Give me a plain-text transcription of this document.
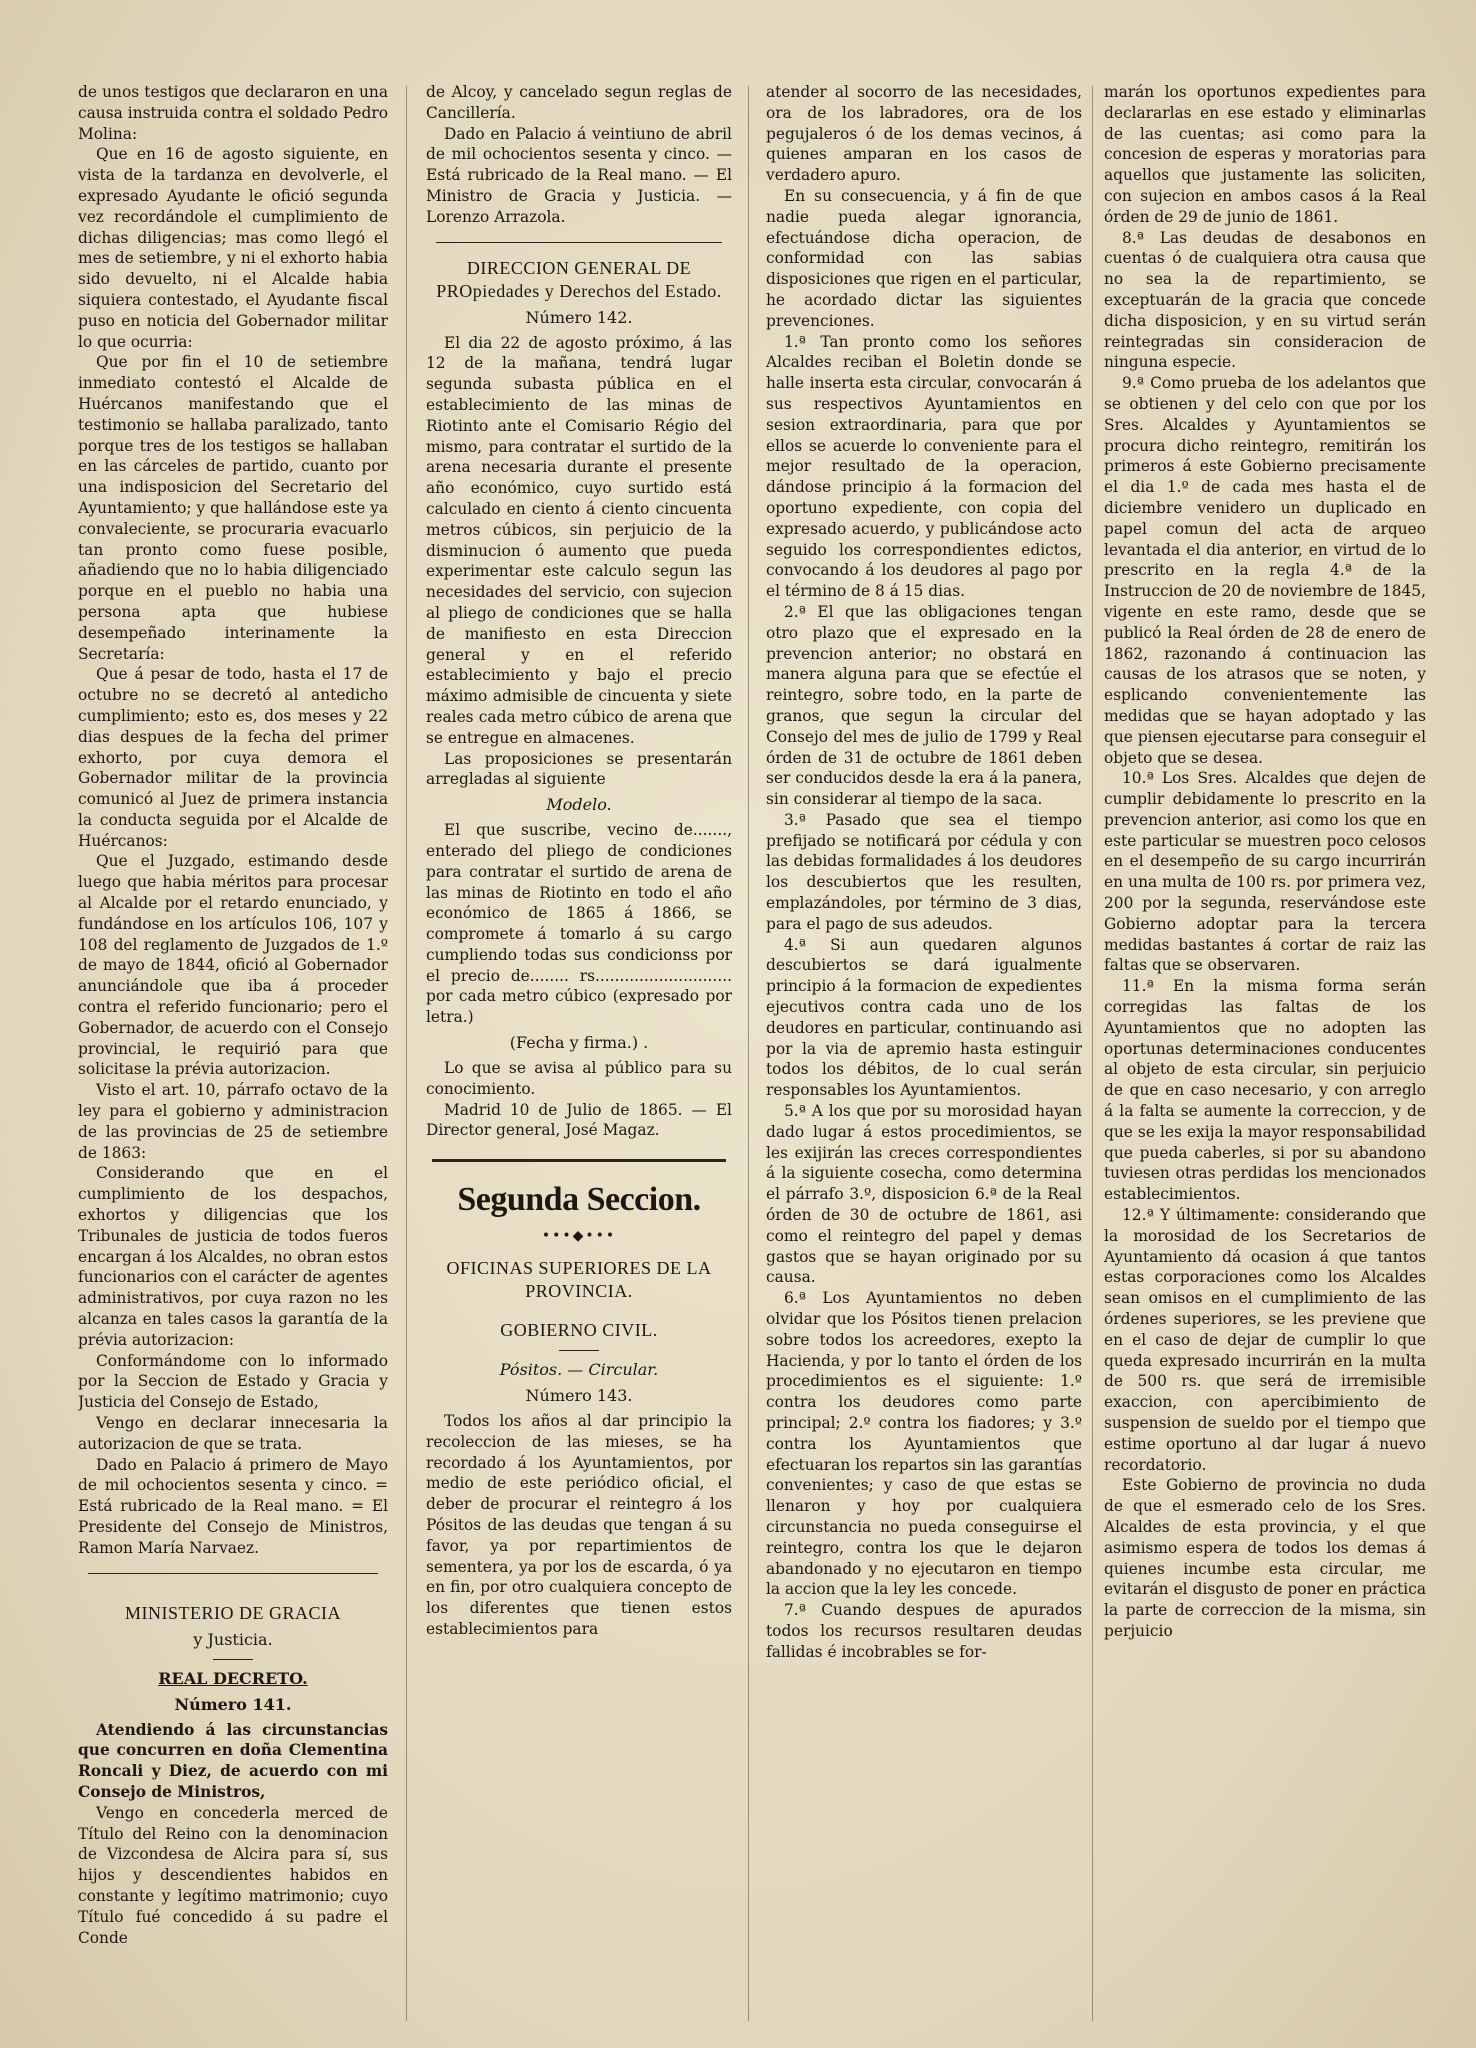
de unos testigos que declararon en una causa instruida contra el soldado Pedro Molina:

Que en 16 de agosto siguiente, en vista de la tardanza en devolverle, el expresado Ayudante le ofició segunda vez recordándole el cumplimiento de dichas diligencias; mas como llegó el mes de setiembre, y ni el exhorto habia sido devuelto, ni el Alcalde habia siquiera contestado, el Ayudante fiscal puso en noticia del Gobernador militar lo que ocurria:

Que por fin el 10 de setiembre inmediato contestó el Alcalde de Huércanos manifestando que el testimonio se hallaba paralizado, tanto porque tres de los testigos se hallaban en las cárceles de partido, cuanto por una indisposicion del Secretario del Ayuntamiento; y que hallándose este ya convaleciente, se procuraria evacuarlo tan pronto como fuese posible, añadiendo que no lo habia diligenciado porque en el pueblo no habia una persona apta que hubiese desempeñado interinamente la Secretaría:

Que á pesar de todo, hasta el 17 de octubre no se decretó al antedicho cumplimiento; esto es, dos meses y 22 dias despues de la fecha del primer exhorto, por cuya demora el Gobernador militar de la provincia comunicó al Juez de primera instancia la conducta seguida por el Alcalde de Huércanos:

Que el Juzgado, estimando desde luego que habia méritos para procesar al Alcalde por el retardo enunciado, y fundándose en los artículos 106, 107 y 108 del reglamento de Juzgados de 1.º de mayo de 1844, ofició al Gobernador anunciándole que iba á proceder contra el referido funcionario; pero el Gobernador, de acuerdo con el Consejo provincial, le requirió para que solicitase la prévia autorizacion.

Visto el art. 10, párrafo octavo de la ley para el gobierno y administracion de las provincias de 25 de setiembre de 1863:

Considerando que en el cumplimiento de los despachos, exhortos y diligencias que los Tribunales de justicia de todos fueros encargan á los Alcaldes, no obran estos funcionarios con el carácter de agentes administrativos, por cuya razon no les alcanza en tales casos la garantía de la prévia autorizacion:

Conformándome con lo informado por la Seccion de Estado y Gracia y Justicia del Consejo de Estado,

Vengo en declarar innecesaria la autorizacion de que se trata.

Dado en Palacio á primero de Mayo de mil ochocientos sesenta y cinco. = Está rubricado de la Real mano. = El Presidente del Consejo de Ministros, Ramon María Narvaez.

MINISTERIO DE GRACIA
y Justicia.
REAL DECRETO.
Número 141.

Atendiendo á las circunstancias que concurren en doña Clementina Roncali y Diez, de acuerdo con mi Consejo de Ministros,

Vengo en concederla merced de Título del Reino con la denominacion de Vizcondesa de Alcira para sí, sus hijos y descendientes habidos en constante y legítimo matrimonio; cuyo Título fué concedido á su padre el Conde

de Alcoy, y cancelado segun reglas de Cancillería.

Dado en Palacio á veintiuno de abril de mil ochocientos sesenta y cinco. — Está rubricado de la Real mano. — El Ministro de Gracia y Justicia. — Lorenzo Arrazola.

DIRECCION GENERAL DE PROpiedades y Derechos del Estado.
Número 142.

El dia 22 de agosto próximo, á las 12 de la mañana, tendrá lugar segunda subasta pública en el establecimiento de las minas de Riotinto ante el Comisario Régio del mismo, para contratar el surtido de la arena necesaria durante el presente año económico, cuyo surtido está calculado en ciento á ciento cincuenta metros cúbicos, sin perjuicio de la disminucion ó aumento que pueda experimentar este calculo segun las necesidades del servicio, con sujecion al pliego de condiciones que se halla de manifiesto en esta Direccion general y en el referido establecimiento y bajo el precio máximo admisible de cincuenta y siete reales cada metro cúbico de arena que se entregue en almacenes.

Las proposiciones se presentarán arregladas al siguiente

Modelo.

El que suscribe, vecino de......., enterado del pliego de condiciones para contratar el surtido de arena de las minas de Riotinto en todo el año económico de 1865 á 1866, se compromete á tomarlo á su cargo cumpliendo todas sus condicionss por el precio de........ rs............................ por cada metro cúbico (expresado por letra.)

(Fecha y firma.) .

Lo que se avisa al público para su conocimiento.

Madrid 10 de Julio de 1865. — El Director general, José Magaz.

Segunda Seccion.
•••◆•••
OFICINAS SUPERIORES DE LA PROVINCIA.
GOBIERNO CIVIL.
Pósitos. — Circular.
Número 143.

Todos los años al dar principio la recoleccion de las mieses, se ha recordado á los Ayuntamientos, por medio de este periódico oficial, el deber de procurar el reintegro á los Pósitos de las deudas que tengan á su favor, ya por repartimientos de sementera, ya por los de escarda, ó ya en fin, por otro cualquiera concepto de los diferentes que tienen estos establecimientos para

atender al socorro de las necesidades, ora de los labradores, ora de los pegujaleros ó de los demas vecinos, á quienes amparan en los casos de verdadero apuro.

En su consecuencia, y á fin de que nadie pueda alegar ignorancia, efectuándose dicha operacion, de conformidad con las sabias disposiciones que rigen en el particular, he acordado dictar las siguientes prevenciones.

1.ª Tan pronto como los señores Alcaldes reciban el Boletin donde se halle inserta esta circular, convocarán á sus respectivos Ayuntamientos en sesion extraordinaria, para que por ellos se acuerde lo conveniente para el mejor resultado de la operacion, dándose principio á la formacion del oportuno expediente, con copia del expresado acuerdo, y publicándose acto seguido los correspondientes edictos, convocando á los deudores al pago por el término de 8 á 15 dias.

2.ª El que las obligaciones tengan otro plazo que el expresado en la prevencion anterior; no obstará en manera alguna para que se efectúe el reintegro, sobre todo, en la parte de granos, que segun la circular del Consejo del mes de julio de 1799 y Real órden de 31 de octubre de 1861 deben ser conducidos desde la era á la panera, sin considerar al tiempo de la saca.

3.ª Pasado que sea el tiempo prefijado se notificará por cédula y con las debidas formalidades á los deudores los descubiertos que les resulten, emplazándoles, por término de 3 dias, para el pago de sus adeudos.

4.ª Si aun quedaren algunos descubiertos se dará igualmente principio á la formacion de expedientes ejecutivos contra cada uno de los deudores en particular, continuando asi por la via de apremio hasta estinguir todos los débitos, de lo cual serán responsables los Ayuntamientos.

5.ª A los que por su morosidad hayan dado lugar á estos procedimientos, se les exijirán las creces correspondientes á la siguiente cosecha, como determina el párrafo 3.º, disposicion 6.ª de la Real órden de 30 de octubre de 1861, asi como el reintegro del papel y demas gastos que se hayan originado por su causa.

6.ª Los Ayuntamientos no deben olvidar que los Pósitos tienen prelacion sobre todos los acreedores, exepto la Hacienda, y por lo tanto el órden de los procedimientos es el siguiente: 1.º contra los deudores como parte principal; 2.º contra los fiadores; y 3.º contra los Ayuntamientos que efectuaran los repartos sin las garantías convenientes; y caso de que estas se llenaron y hoy por cualquiera circunstancia no pueda conseguirse el reintegro, contra los que le dejaron abandonado y no ejecutaron en tiempo la accion que la ley les concede.

7.ª Cuando despues de apurados todos los recursos resultaren deudas fallidas é incobrables se for-

marán los oportunos expedientes para declararlas en ese estado y eliminarlas de las cuentas; asi como para la concesion de esperas y moratorias para aquellos que justamente las soliciten, con sujecion en ambos casos á la Real órden de 29 de junio de 1861.

8.ª Las deudas de desabonos en cuentas ó de cualquiera otra causa que no sea la de repartimiento, se exceptuarán de la gracia que concede dicha disposicion, y en su virtud serán reintegradas sin consideracion de ninguna especie.

9.ª Como prueba de los adelantos que se obtienen y del celo con que por los Sres. Alcaldes y Ayuntamientos se procura dicho reintegro, remitirán los primeros á este Gobierno precisamente el dia 1.º de cada mes hasta el de diciembre venidero un duplicado en papel comun del acta de arqueo levantada el dia anterior, en virtud de lo prescrito en la regla 4.ª de la Instruccion de 20 de noviembre de 1845, vigente en este ramo, desde que se publicó la Real órden de 28 de enero de 1862, razonando á continuacion las causas de los atrasos que se noten, y esplicando convenientemente las medidas que se hayan adoptado y las que piensen ejecutarse para conseguir el objeto que se desea.

10.ª Los Sres. Alcaldes que dejen de cumplir debidamente lo prescrito en la prevencion anterior, asi como los que en este particular se muestren poco celosos en el desempeño de su cargo incurrirán en una multa de 100 rs. por primera vez, 200 por la segunda, reservándose este Gobierno adoptar para la tercera medidas bastantes á cortar de raiz las faltas que se observaren.

11.ª En la misma forma serán corregidas las faltas de los Ayuntamientos que no adopten las oportunas determinaciones conducentes al objeto de esta circular, sin perjuicio de que en caso necesario, y con arreglo á la falta se aumente la correccion, y de que se les exija la mayor responsabilidad que pueda caberles, si por su abandono tuviesen otras perdidas los mencionados establecimientos.

12.ª Y últimamente: considerando que la morosidad de los Secretarios de Ayuntamiento dá ocasion á que tantos estas corporaciones como los Alcaldes sean omisos en el cumplimiento de las órdenes superiores, se les previene que en el caso de dejar de cumplir lo que queda expresado incurrirán en la multa de 500 rs. que será de irremisible exaccion, con apercibimiento de suspension de sueldo por el tiempo que estime oportuno al dar lugar á nuevo recordatorio.

Este Gobierno de provincia no duda de que el esmerado celo de los Sres. Alcaldes de esta provincia, y el que asimismo espera de todos los demas á quienes incumbe esta circular, me evitarán el disgusto de poner en práctica la parte de correccion de la misma, sin perjuicio
